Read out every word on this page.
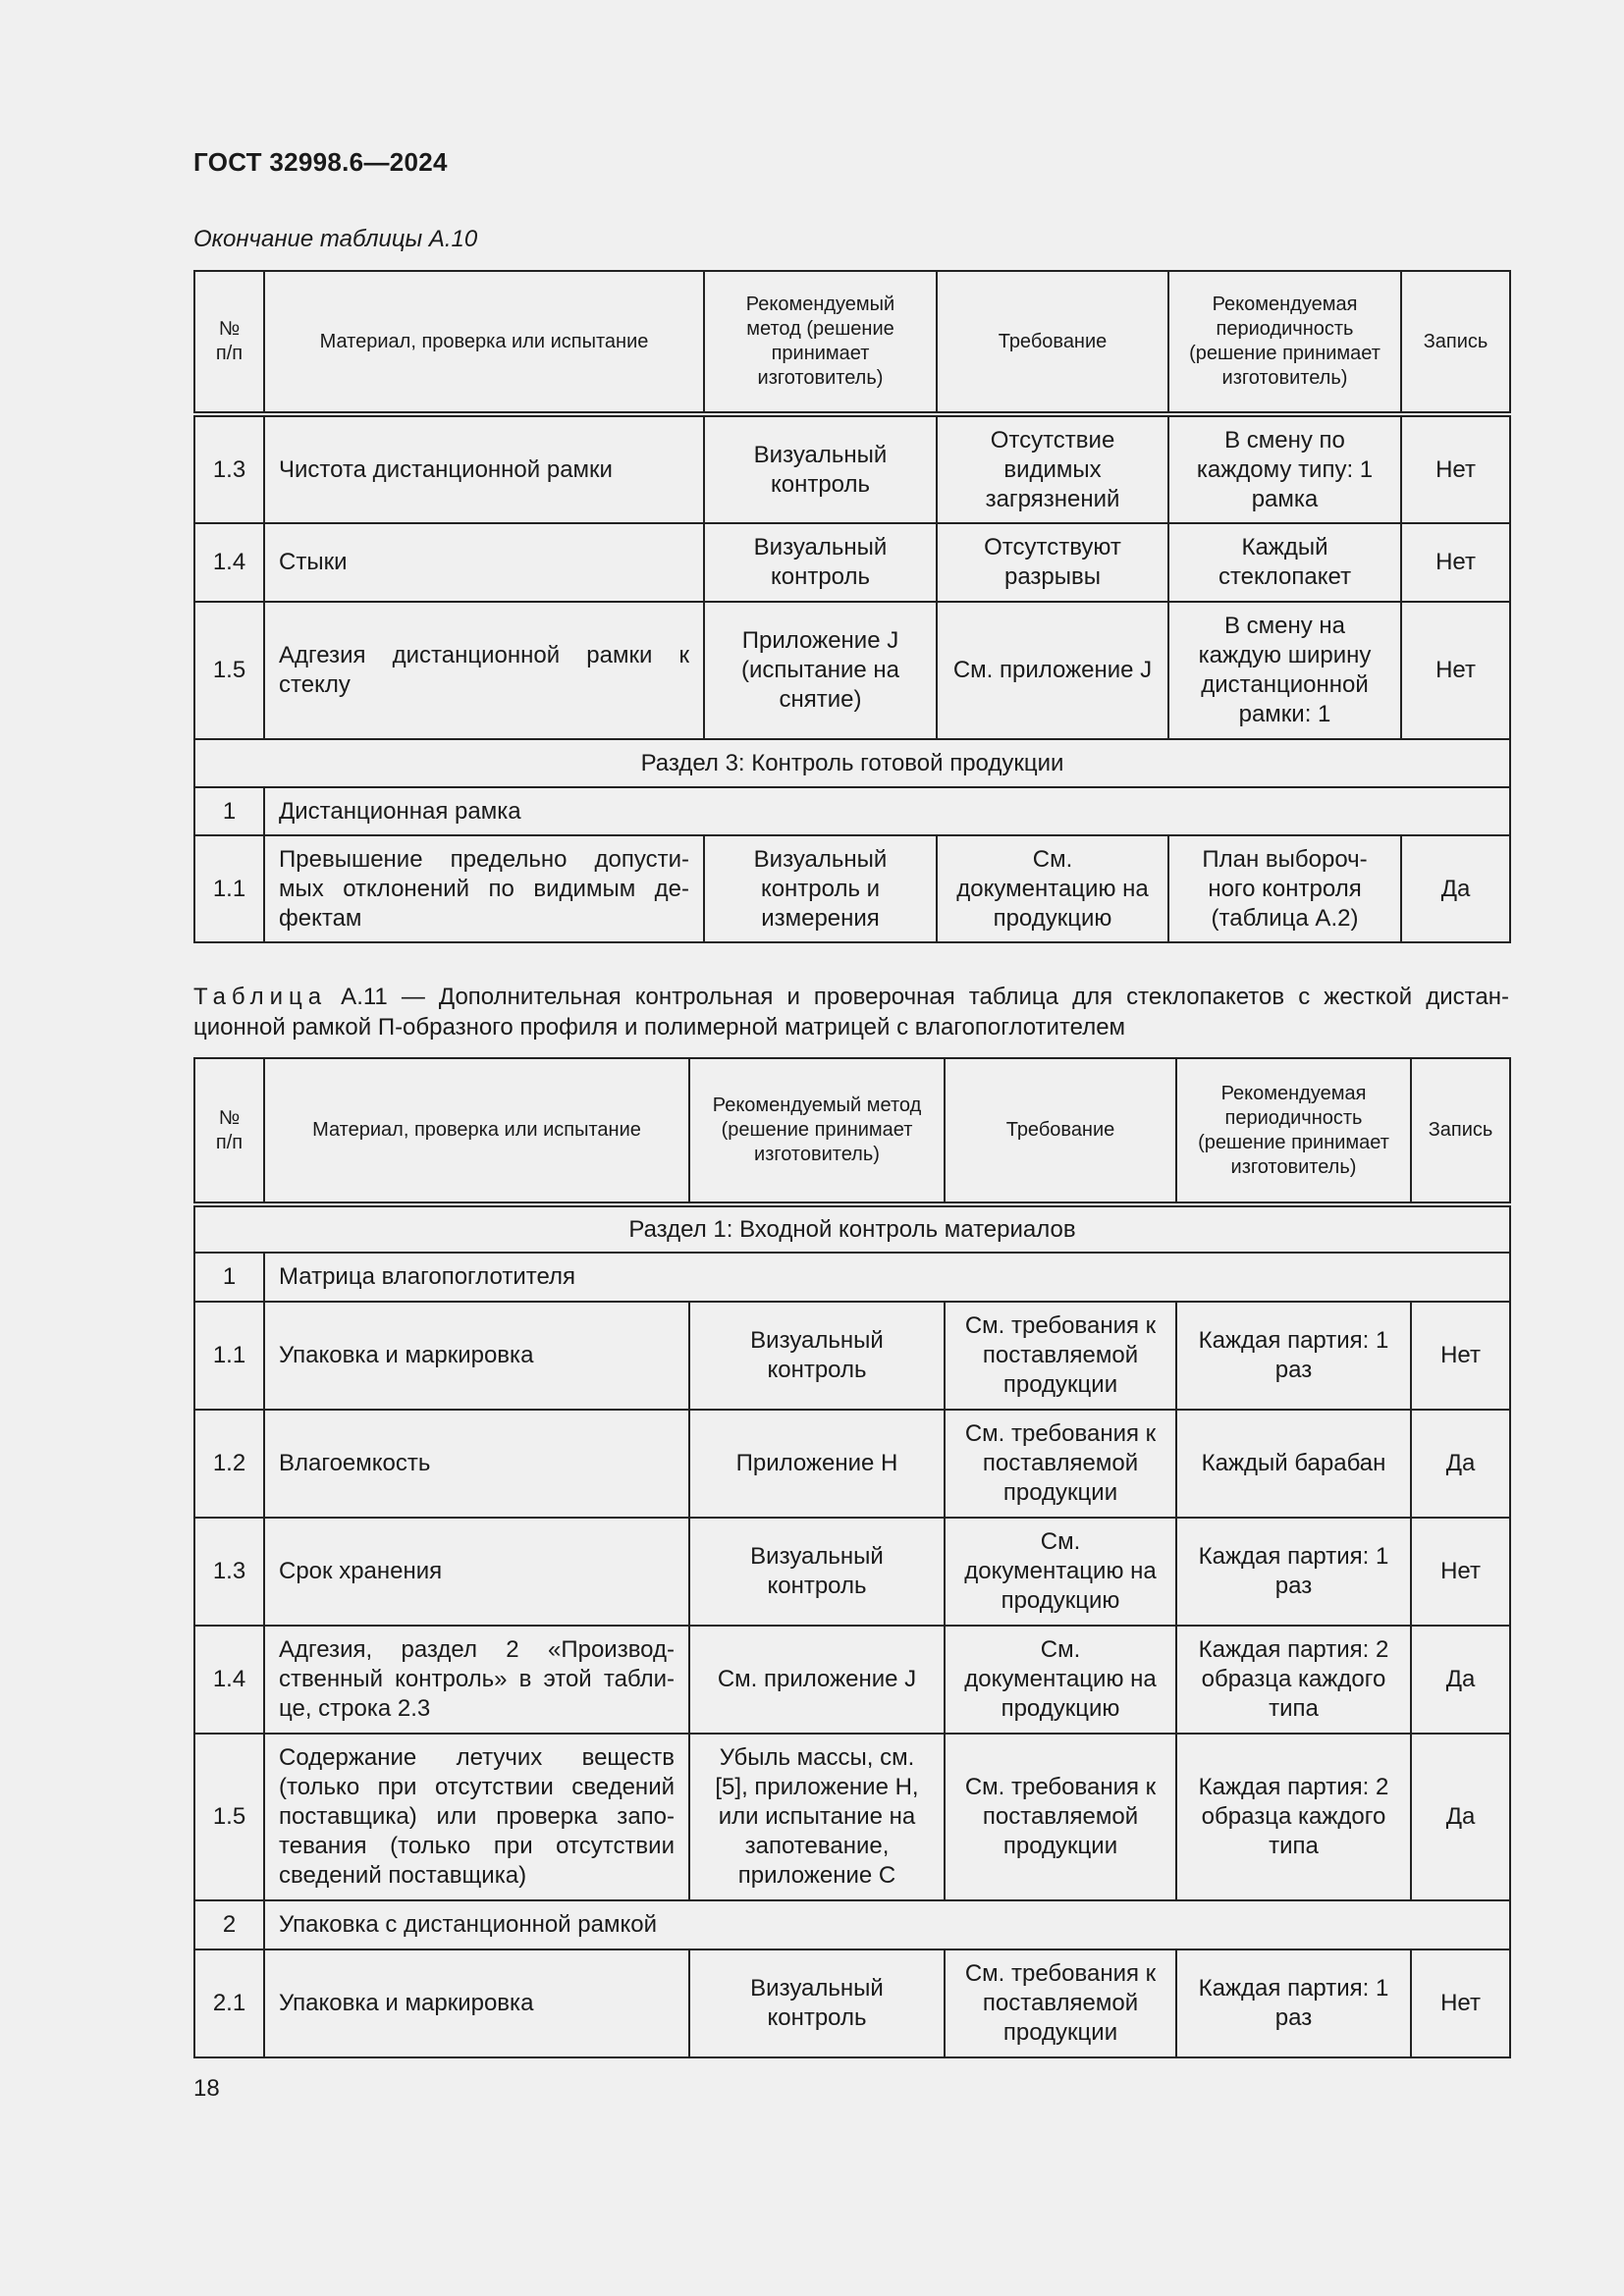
ГОСТ 32998.6—2024
Окончание таблицы А.10
№ п/п	Материал, проверка или испытание	Рекомендуемый метод (решение принимает изготовитель)	Требование	Рекомендуемая периодичность (решение принимает изготовитель)	Запись
1.3	Чистота дистанционной рамки	Визуальный контроль	Отсутствие видимых загрязнений	В смену по каждому типу: 1 рамка	Нет
1.4	Стыки	Визуальный контроль	Отсутствуют разрывы	Каждый стеклопакет	Нет
1.5	Адгезия дистанционной рамки к стеклу	Приложение J (испытание на снятие)	См. приложение J	В смену на каждую ширину дистанционной рамки: 1	Нет
Раздел 3: Контроль готовой продукции					
1	Дистанционная рамка				
1.1	Превышение предельно допусти-мых отклонений по видимым де-фектам	Визуальный контроль и измерения	См. документацию на продукцию	План выбороч-ного контроля (таблица А.2)	Да
Таблица А.11 — Дополнительная контрольная и проверочная таблица для стеклопакетов с жесткой дистан-ционной рамкой П-образного профиля и полимерной матрицей с влагопоглотителем
№ п/п	Материал, проверка или испытание	Рекомендуемый метод (решение принимает изготовитель)	Требование	Рекомендуемая периодичность (решение принимает изготовитель)	Запись
Раздел 1: Входной контроль материалов					
1	Матрица влагопоглотителя				
1.1	Упаковка и маркировка	Визуальный контроль	См. требования к поставляемой продукции	Каждая партия: 1 раз	Нет
1.2	Влагоемкость	Приложение Н	См. требования к поставляемой продукции	Каждый барабан	Да
1.3	Срок хранения	Визуальный контроль	См. документацию на продукцию	Каждая партия: 1 раз	Нет
1.4	Адгезия, раздел 2 «Производ-ственный контроль» в этой табли-це, строка 2.3	См. приложение J	См. документацию на продукцию	Каждая партия: 2 образца каждого типа	Да
1.5	Содержание летучих веществ (только при отсутствии сведений поставщика) или проверка запо-тевания (только при отсутствии сведений поставщика)	Убыль массы, см. [5], приложение Н, или испытание на запотевание, приложение С	См. требования к поставляемой продукции	Каждая партия: 2 образца каждого типа	Да
2	Упаковка с дистанционной рамкой				
2.1	Упаковка и маркировка	Визуальный контроль	См. требования к поставляемой продукции	Каждая партия: 1 раз	Нет
18
